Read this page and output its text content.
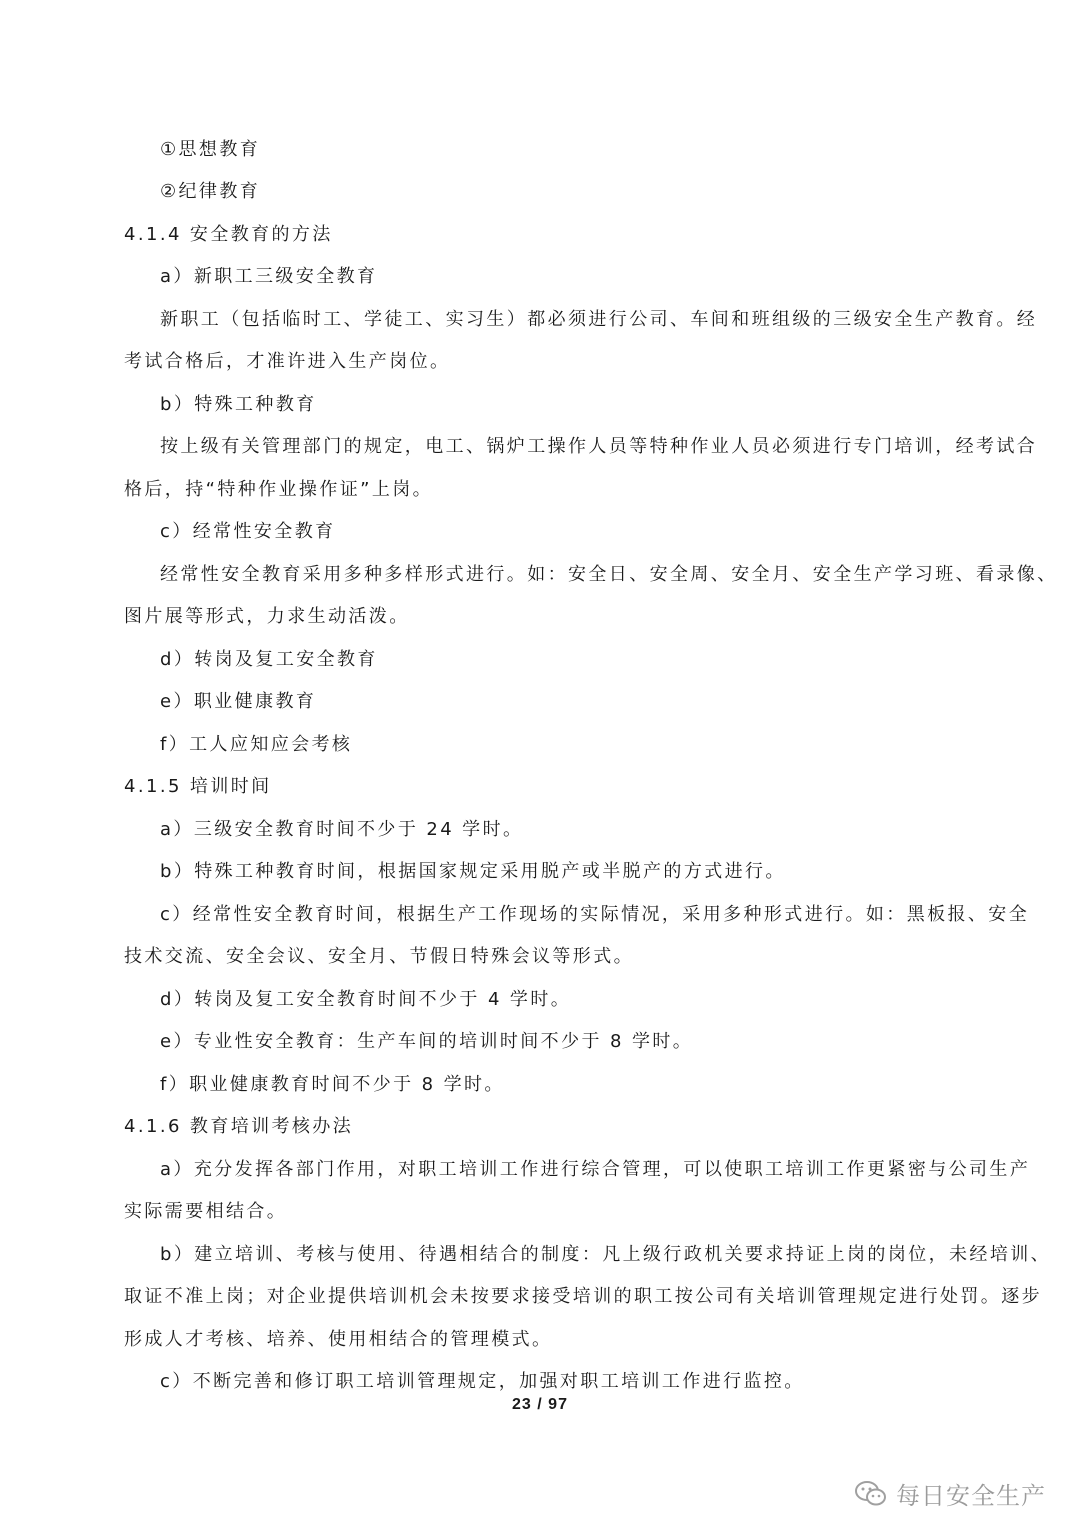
①思想教育
②纪律教育
4.1.4 安全教育的方法
a）新职工三级安全教育
新职工（包括临时工、学徒工、实习生）都必须进行公司、车间和班组级的三级安全生产教育。经
考试合格后，才准许进入生产岗位。
b）特殊工种教育
按上级有关管理部门的规定，电工、锅炉工操作人员等特种作业人员必须进行专门培训，经考试合
格后，持“特种作业操作证”上岗。
c）经常性安全教育
经常性安全教育采用多种多样形式进行。如：安全日、安全周、安全月、安全生产学习班、看录像、
图片展等形式，力求生动活泼。
d）转岗及复工安全教育
e）职业健康教育
f）工人应知应会考核
4.1.5 培训时间
a）三级安全教育时间不少于 24 学时。
b）特殊工种教育时间，根据国家规定采用脱产或半脱产的方式进行。
c）经常性安全教育时间，根据生产工作现场的实际情况，采用多种形式进行。如：黑板报、安全
技术交流、安全会议、安全月、节假日特殊会议等形式。
d）转岗及复工安全教育时间不少于 4 学时。
e）专业性安全教育：生产车间的培训时间不少于 8 学时。
f）职业健康教育时间不少于 8 学时。
4.1.6 教育培训考核办法
a）充分发挥各部门作用，对职工培训工作进行综合管理，可以使职工培训工作更紧密与公司生产
实际需要相结合。
b）建立培训、考核与使用、待遇相结合的制度：凡上级行政机关要求持证上岗的岗位，未经培训、
取证不准上岗；对企业提供培训机会未按要求接受培训的职工按公司有关培训管理规定进行处罚。逐步
形成人才考核、培养、使用相结合的管理模式。
c）不断完善和修订职工培训管理规定，加强对职工培训工作进行监控。
23 / 97
每日安全生产
